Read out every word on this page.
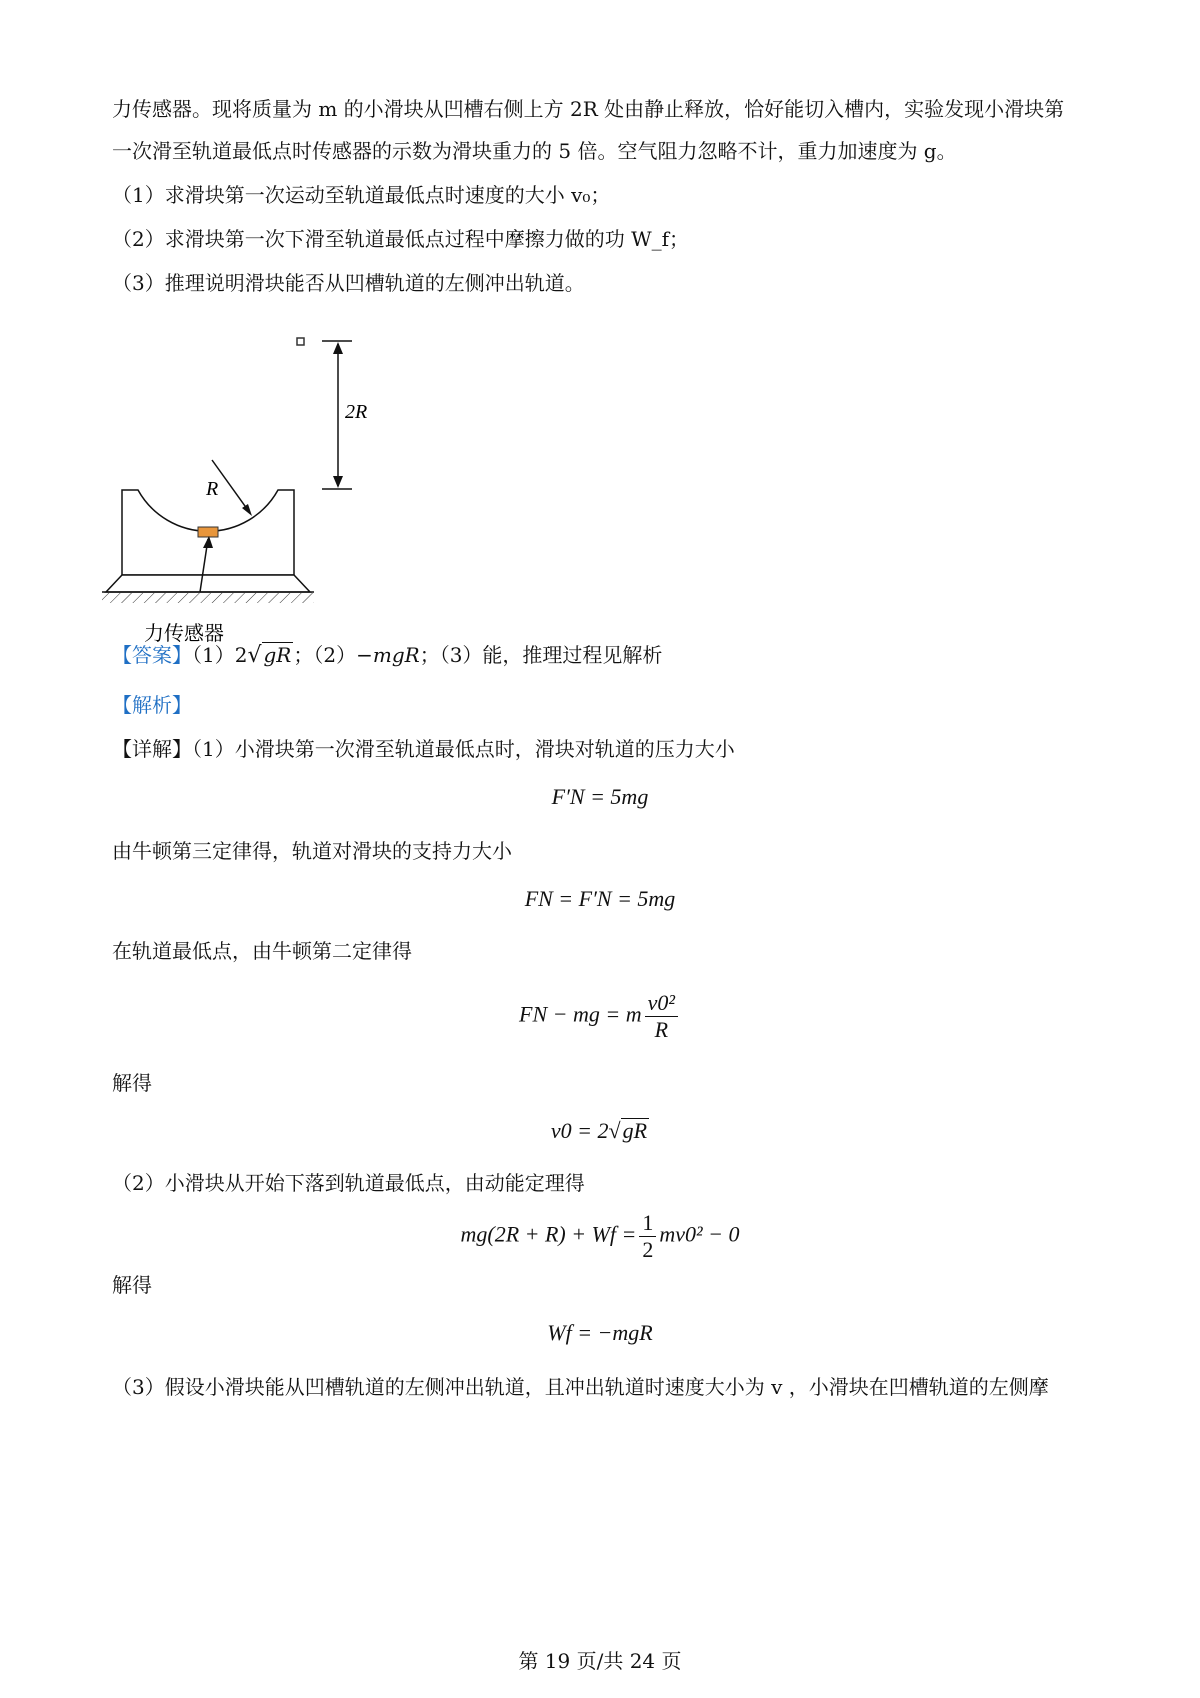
力传感器。现将质量为 m 的小滑块从凹槽右侧上方 2R 处由静止释放，恰好能切入槽内，实验发现小滑块第
一次滑至轨道最低点时传感器的示数为滑块重力的 5 倍。空气阻力忽略不计，重力加速度为 g。
（1）求滑块第一次运动至轨道最低点时速度的大小 v₀；
（2）求滑块第一次下滑至轨道最低点过程中摩擦力做的功 W_f；
（3）推理说明滑块能否从凹槽轨道的左侧冲出轨道。
2R
R
力传感器
【答案】（1）2√ gR ；（2）−mgR；（3）能，推理过程见解析
【解析】
【详解】（1）小滑块第一次滑至轨道最低点时，滑块对轨道的压力大小
F′N = 5mg
由牛顿第三定律得，轨道对滑块的支持力大小
FN = F′N = 5mg
在轨道最低点，由牛顿第二定律得
FN − mg = m $\frac{\text{v0²}}{R}$
解得
v0 = 2√gR
（2）小滑块从开始下落到轨道最低点，由动能定理得
$mg(2R + R) + Wf = \frac{1}{2} mv0^2 - 0$
解得
Wf = −mgR
（3）假设小滑块能从凹槽轨道的左侧冲出轨道，且冲出轨道时速度大小为 v ，小滑块在凹槽轨道的左侧摩
第 19 页/共 24 页
